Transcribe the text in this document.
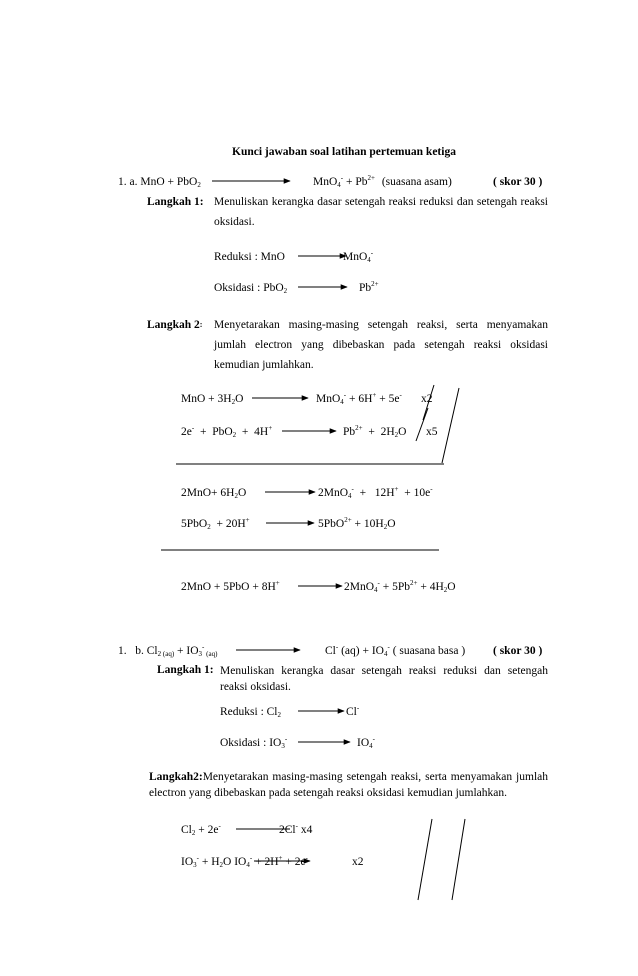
Kunci jawaban soal latihan pertemuan ketiga
1. a. MnO + PbO$_2$	$MnO_4^- + Pb^{2+}$ (suasana asam)	( skor 30 )
Langkah 1: Menuliskan kerangka dasar setengah reaksi reduksi dan setengah reaksi oksidasi.
Reduksi : MnO	MnO$_4$-
Oksidasi : PbO$_2$	$Pb^{2+}$
Langkah 2: Menyetarakan masing-masing setengah reaksi, serta menyamakan jumlah electron yang dibebaskan pada setengah reaksi oksidasi kemudian jumlahkan.
MnO + $3H_2O$	MnO$_4$- + 6H+ + 5e- x2
2e-  +  PbO$_2$  +  4H+	$Pb^{2+} + 2H_2O$ x5
$2MnO+ 6H_2O$	2MnO$_4$-  +   12H+  + 10e-
5PbO$_2$  + 20H+	$5PbO^{2+} + 10H_2O$
2MnO + 5PbO + 8H+	$2MnO_4^- + 5Pb^{2+} + 4H_2O$
1.   b. $Cl_{2 (aq)} + IO_3^-$ $_{(aq)}$	Cl- $(aq) + IO_4^-$ ( suasana basa ) ( skor 30 )
Langkah 1: Menuliskan kerangka dasar setengah reaksi reduksi dan setengah reaksi oksidasi.
Reduksi : $Cl_2$	Cl-
Oksidasi : $IO_3^-$	$IO_4^-$
Langkah2:Menyetarakan masing-masing setengah reaksi, serta menyamakan jumlah electron yang dibebaskan pada setengah reaksi oksidasi kemudian jumlahkan.
$Cl_2 + 2e^-$	2Cl- x4
$IO_3^- + H_2O$ $IO_4^- + 2H^+ + 2e^-$	x2
